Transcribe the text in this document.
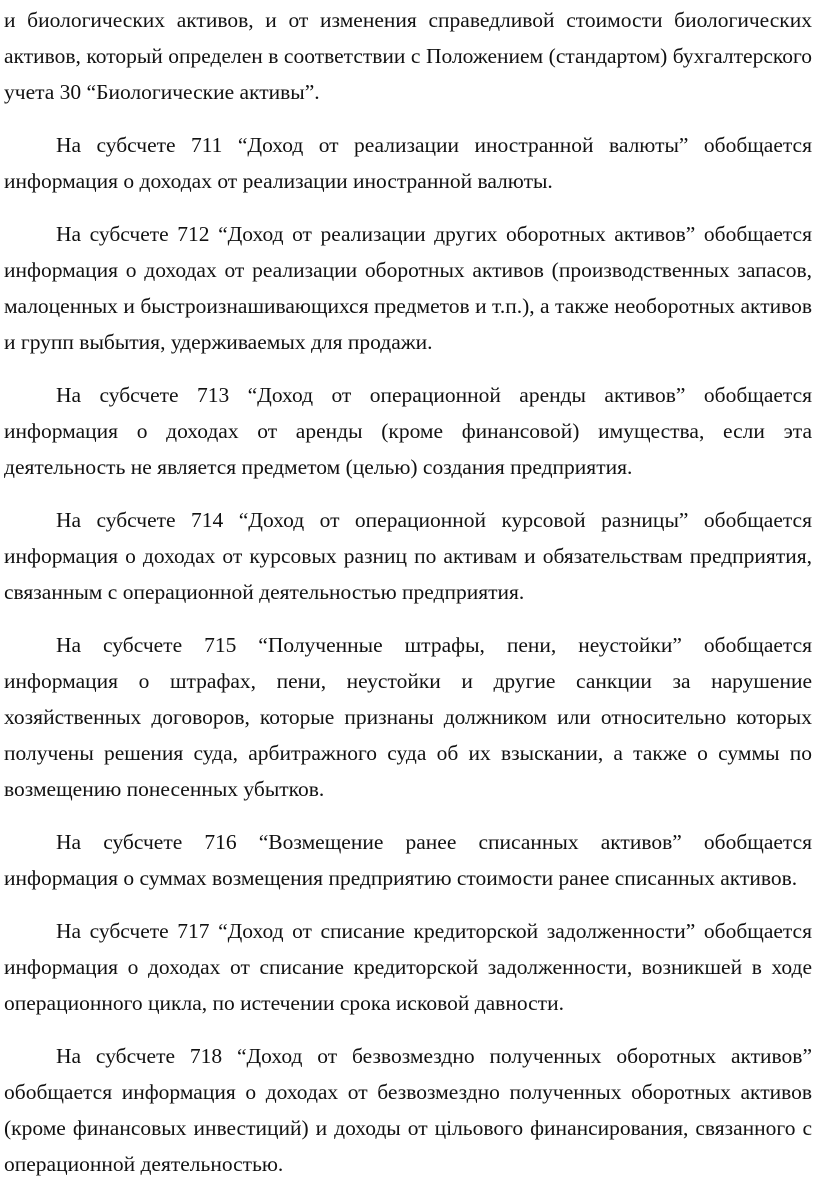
и биологических активов, и от изменения справедливой стоимости биологических активов, который определен в соответствии с Положением (стандартом) бухгалтерского учета 30 “Биологические активы”.

На субсчете 711 “Доход от реализации иностранной валюты” обобщается информация о доходах от реализации иностранной валюты.

На субсчете 712 “Доход от реализации других оборотных активов” обобщается информация о доходах от реализации оборотных активов (производственных запасов, малоценных и быстроизнашивающихся предметов и т.п.), а также необоротных активов и групп выбытия, удерживаемых для продажи.

На субсчете 713 “Доход от операционной аренды активов” обобщается информация о доходах от аренды (кроме финансовой) имущества, если эта деятельность не является предметом (целью) создания предприятия.

На субсчете 714 “Доход от операционной курсовой разницы” обобщается информация о доходах от курсовых разниц по активам и обязательствам предприятия, связанным с операционной деятельностью предприятия.

На субсчете 715 “Полученные штрафы, пени, неустойки” обобщается информация о штрафах, пени, неустойки и другие санкции за нарушение хозяйственных договоров, которые признаны должником или относительно которых получены решения суда, арбитражного суда об их взыскании, а также о суммы по возмещению понесенных убытков.

На субсчете 716 “Возмещение ранее списанных активов” обобщается информация о суммах возмещения предприятию стоимости ранее списанных активов.

На субсчете 717 “Доход от списание кредиторской задолженности” обобщается информация о доходах от списание кредиторской задолженности, возникшей в ходе операционного цикла, по истечении срока исковой давности.

На субсчете 718 “Доход от безвозмездно полученных оборотных активов” обобщается информация о доходах от безвозмездно полученных оборотных активов (кроме финансовых инвестиций) и доходы от цільового финансирования, связанного с операционной деятельностью.
